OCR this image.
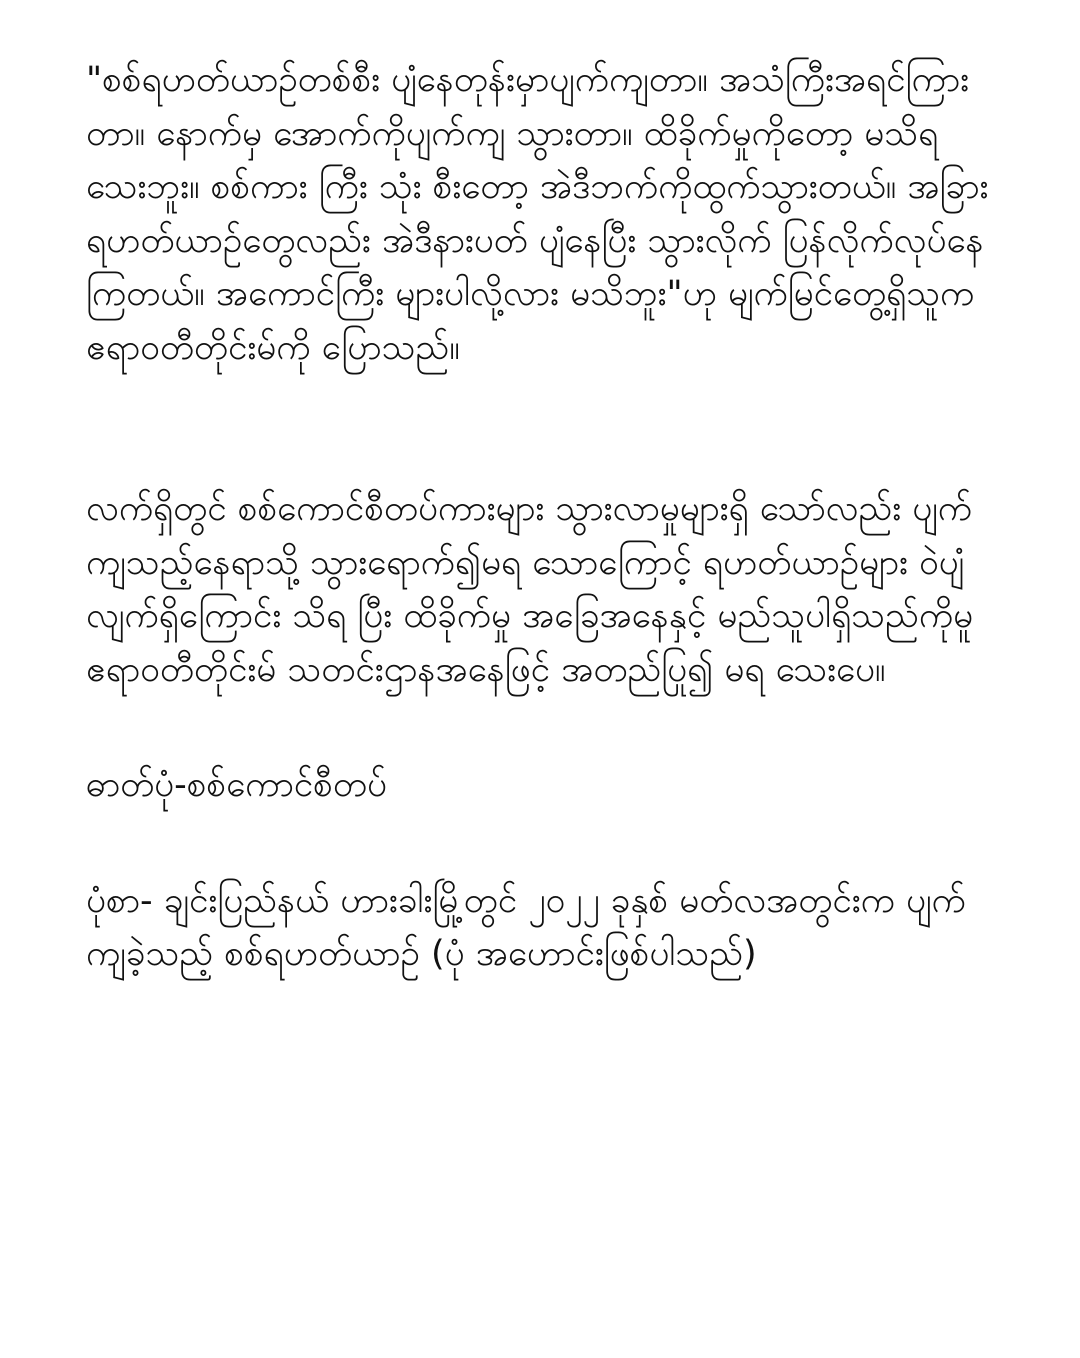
"စစ်ရဟတ်ယာဉ်တစ်စီး ပျံနေတုန်းမှာပျက်ကျတာ။ အသံကြီးအရင်ကြားတာ။ နောက်မှ အောက်ကိုပျက်ကျ သွားတာ။ ထိခိုက်မှုကိုတော့ မသိရသေးဘူး။ စစ်ကား ကြီး သုံး စီးတော့ အဲဒီဘက်ကိုထွက်သွားတယ်။ အခြား ရဟတ်ယာဉ်တွေလည်း အဲဒီနားပတ် ပျံနေပြီး သွားလိုက် ပြန်လိုက်လုပ်နေကြတယ်။ အကောင်ကြီး များပါလို့လား မသိဘူး"ဟု မျက်မြင်တွေ့ရှိသူက ဧရာဝတီတိုင်းမ်ကို ပြောသည်။

လက်ရှိတွင် စစ်ကောင်စီတပ်ကားများ သွားလာမှုများရှိ သော်လည်း ပျက်ကျသည့်နေရာသို့ သွားရောက်၍မရ သောကြောင့် ရဟတ်ယာဉ်များ ဝဲပျံလျက်ရှိကြောင်း သိရ ပြီး ထိခိုက်မှု အခြေအနေနှင့် မည်သူပါရှိသည်ကိုမူ ဧရာဝတီတိုင်းမ် သတင်းဌာနအနေဖြင့် အတည်ပြု၍ မရ သေးပေ။

ဓာတ်ပုံ-စစ်ကောင်စီတပ်

ပုံစာ- ချင်းပြည်နယ် ဟားခါးမြို့တွင် ၂၀၂၂ ခုနှစ် မတ်လအတွင်းက ပျက်ကျခဲ့သည့် စစ်ရဟတ်ယာဉ် (ပုံ အဟောင်းဖြစ်ပါသည်)
